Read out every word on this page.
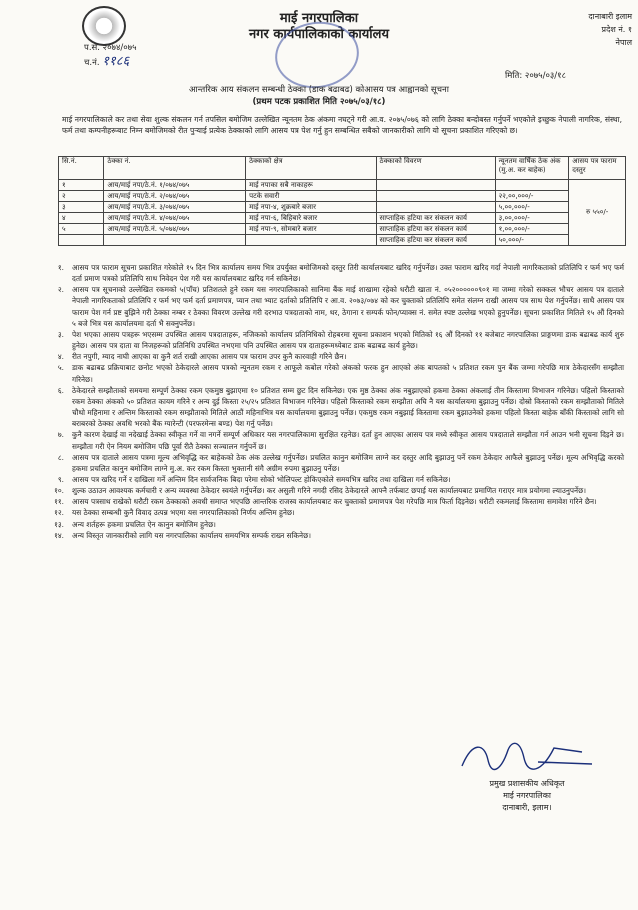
प.सं. २०७४/०७५
च.नं. ११८६
माई नगरपालिका
नगर कार्यपालिकाको कार्यालय
दानाबारी इलाम
प्रदेश नं. १
नेपाल
मिति: २०७५/०३/१८
आन्तरिक आय संकलन सम्बन्धी ठेक्का (डाक बढाबढ) कोआसय पत्र आह्वानको सूचना
(प्रथम पटक प्रकाशित मिति २०७५/०३/१८)
माई नगरपालिकाले कर तथा सेवा शुल्क संकलन गर्न तपसिल बमोजिम उल्लेखित न्यूनतम ठेक अंकमा नघट्ने गरी आ.व. २०७५/०७६ को लागि ठेक्का बन्दोबस्त गर्नुपर्ने भएकोले इच्छुक नेपाली नागरिक, संस्था, फर्म तथा कम्पनीहरूबाट निम्न बमोजिमको रीत पुऱ्याई प्रत्येक ठेक्काको लागि आसय पत्र पेश गर्नु हुन सम्बन्धित सबैको जानकारीको लागि यो सूचना प्रकाशित गरिएको छ।
सि.नं.	ठेक्का नं.	ठेक्काको क्षेत्र	ठेक्काको विवरण	न्यूनतम वार्षिक ठेक अंक (मु.अ. कर बाहेक)	आसय पत्र फाराम दस्तुर
१	आय/माई नपा/ठे.नं. १/०७४/०७५	माई नपाका सबै नाकाहरू			रु ५५०/-
२	आय/माई नपा/ठे.नं. २/०७४/०७५	पटके सवारी		२२,००,०००/-	
३	आय/माई नपा/ठे.नं. ३/०७४/०७५	माई नपा-४, शुक्रबारे बजार		५,००,०००/-	
४	आय/माई नपा/ठे.नं. ४/०७४/०७५	माई नपा-६, बिहिबारे बजार	साप्ताहिक हटिया कर संकलन कार्य	३,००,०००/-	
५	आय/माई नपा/ठे.नं. ५/०७४/०७५	माई नपा-९, सोमबारे बजार	साप्ताहिक हटिया कर संकलन कार्य	१,००,०००/-	
			साप्ताहिक हटिया कर संकलन कार्य	५०,०००/-	
१.	आसय पत्र फाराम सूचना प्रकाशित गरेकोले १५ दिन भित्र कार्यालय समय भित्र उपर्युक्त बमोजिमको दस्तुर तिरी कार्यालयबाट खरिद गर्नुपर्नेछ। उक्त फाराम खरिद गर्दा नेपाली नागरिकताको प्रतिलिपि र फर्म भए फर्म दर्ता प्रमाण पत्रको प्रतिलिपि साथ निवेदन पेश गरी यस कार्यालयबाट खरिद गर्न सकिनेछ।
२.	आसय पत्र सूचनाको उल्लेखित रकमको ५(पाँच) प्रतिशतले हुने रकम यस नगरपालिकाको सानिमा बैंक माई शाखामा रहेको धरौटी खाता नं. ०५२००००००९०१ मा जम्मा गरेको सक्कल भौचर आसय पत्र दाताले नेपाली नागरिकताको प्रतिलिपि र फर्म भए फर्म दर्ता प्रमाणपत्र, प्यान तथा भ्याट दर्ताको प्रतिलिपि र आ.व. २०७३/०७४ को कर चुक्ताको प्रतिलिपि समेत संलग्न राखी आसय पत्र साथ पेश गर्नुपर्नेछ। साथै आसय पत्र फाराम पेश गर्न प्रष्ट बुझिने गरी ठेक्का नम्बर र ठेक्का विवरण उल्लेख गरी दरभाउ पत्रदाताको नाम, थर, ठेगाना र सम्पर्क फोन/प्याक्स नं. समेत स्पष्ट उल्लेख भएको हुनुपर्नेछ। सूचना प्रकाशित मितिले १५ औं दिनको ५ बजे भित्र यस कार्यालयमा दर्ता भै सक्नुपर्नेछ।
३.	पेश भएका आसय पत्रहरू भएसम्म उपस्थित आसय पत्रदाताहरू, नजिकको कार्यालय प्रतिनिधिको रोहबरमा सूचना प्रकाशन भएको मितिको १६ औं दिनको ११ बजेबाट नगरपालिका प्राङ्गणमा डाक बढाबढ कार्य शुरु हुनेछ। आसय पत्र दाता वा निजहरूको प्रतिनिधि उपस्थित नभएमा पनि उपस्थित आसय पत्र दाताहरूमध्येबाट डाक बढाबढ कार्य हुनेछ।
४.	रीत नपुगी, म्याद नाघी आएका वा कुनै शर्त राखी आएका आसय पत्र फाराम उपर कुनै कारवाही गरिने छैन।
५.	डाक बढाबढ प्रक्रियाबाट छनोट भएको ठेकेदारले आसय पत्रको न्यूनतम रकम र आफूले कबोल गरेको अंकको फरक हुन आएको अंक बापतको ५ प्रतिशत रकम पुन बैंक जम्मा गरेपछि मात्र ठेकेदारसँग सम्झौता गरिनेछ।
६.	ठेकेदारले सम्झौताको समयमा सम्पूर्ण ठेक्का रकम एकमुष्ठ बुझाएमा १० प्रतिशत सम्म छुट दिन सकिनेछ। एक मुष्ठ ठेक्का अंक नबुझाएको हकमा ठेक्का अंकलाई तीन किस्तामा विभाजन गरिनेछ। पहिलो किस्ताको रकम ठेक्का अंकको ५० प्रतिशत कायम गरिने र अन्य दुई किस्ता २५/२५ प्रतिशत विभाजन गरिनेछ। पहिलो किस्ताको रकम सम्झौता अघि नै यस कार्यालयमा बुझाउनु पर्नेछ। दोस्रो किस्ताको रकम सम्झौताको मितिले चौथो महिनामा र अन्तिम किस्ताको रकम सम्झौताको मितिले आठौं महिनाभित्र यस कार्यालयमा बुझाउनु पर्नेछ। एकमुष्ठ रकम नबुझाई किस्तामा रकम बुझाउनेको हकमा पहिलो किस्ता बाहेक बाँकी किस्ताको लागि सो बराबरको ठेक्का अवधि भरको बैंक ग्यारेन्टी (परफरमेन्स बण्ड) पेश गर्नु पर्नेछ।
७.	कुनै कारण देखाई वा नदेखाई ठेक्का स्वीकृत गर्ने वा नगर्ने सम्पूर्ण अधिकार यस नगरपालिकामा सुरक्षित रहनेछ। दर्ता हुन आएका आसय पत्र मध्ये स्वीकृत आसय पत्रदाताले सम्झौता गर्न आउन भनी सूचना दिइने छ। सम्झौता गरी ऐन नियम बमोजिम पछि पूर्वा रीतै ठेक्का सञ्चालन गर्नुपर्ने छ।
८.	आसय पत्र दाताले आसय पत्रमा मूल्य अभिवृद्धि कर बाहेकको ठेक अंक उल्लेख गर्नुपर्नेछ। प्रचलित कानुन बमोजिम लाग्ने कर दस्तुर आदि बुझाउनु पर्ने रकम ठेकेदार आफैले बुझाउनु पर्नेछ। मूल्य अभिवृद्धि करको हकमा प्रचलित कानुन बमोजिम लाग्ने मु.अ. कर रकम किस्ता भुक्तानी संगै अग्रीम रुपमा बुझाउनु पर्नेछ।
९.	आसय पत्र खरिद गर्ने र दाखिला गर्ने अन्तिम दिन सार्वजनिक बिदा परेमा सोको भोलिपल्ट होकिएकोले समयभित्र खरिद तथा दाखिला गर्न सकिनेछ।
१०.	शुल्क उठाउन आवश्यक कर्मचारी र अन्य व्यवस्था ठेकेदार स्वयंले गर्नुपर्नेछ। कर असुली गरिने नगदी रसिद ठेकेदारले आफ्नै तर्फबाट छपाई यस कार्यालयबाट प्रमाणित गराएर मात्र प्रयोगमा ल्याउनुपर्नेछ।
११.	आसय पत्रसाथ राखेको धरौटी रकम ठेक्काको अवधी समाप्त भएपछि आन्तरिक राजस्व कार्यालयबाट कर चुक्ताको प्रमाणपत्र पेश गरेपछि मात्र फिर्ता दिइनेछ। धरौटी रकमलाई किस्तामा समावेश गरिने छैन।
१२.	यस ठेक्का सम्बन्धी कुनै विवाद उत्पन्न भएमा यस नगरपालिकाको निर्णय अन्तिम हुनेछ।
१३.	अन्य शर्तहरू हकमा प्रचलित ऐन कानुन बमोजिम हुनेछ।
१४.	अन्य विस्तृत जानकारीको लागि यस नगरपालिका कार्यालय समयभित्र सम्पर्क राख्न सकिनेछ।
प्रमुख प्रशासकीय अधिकृत
माई नगरपालिका
दानाबारी, इलाम।
